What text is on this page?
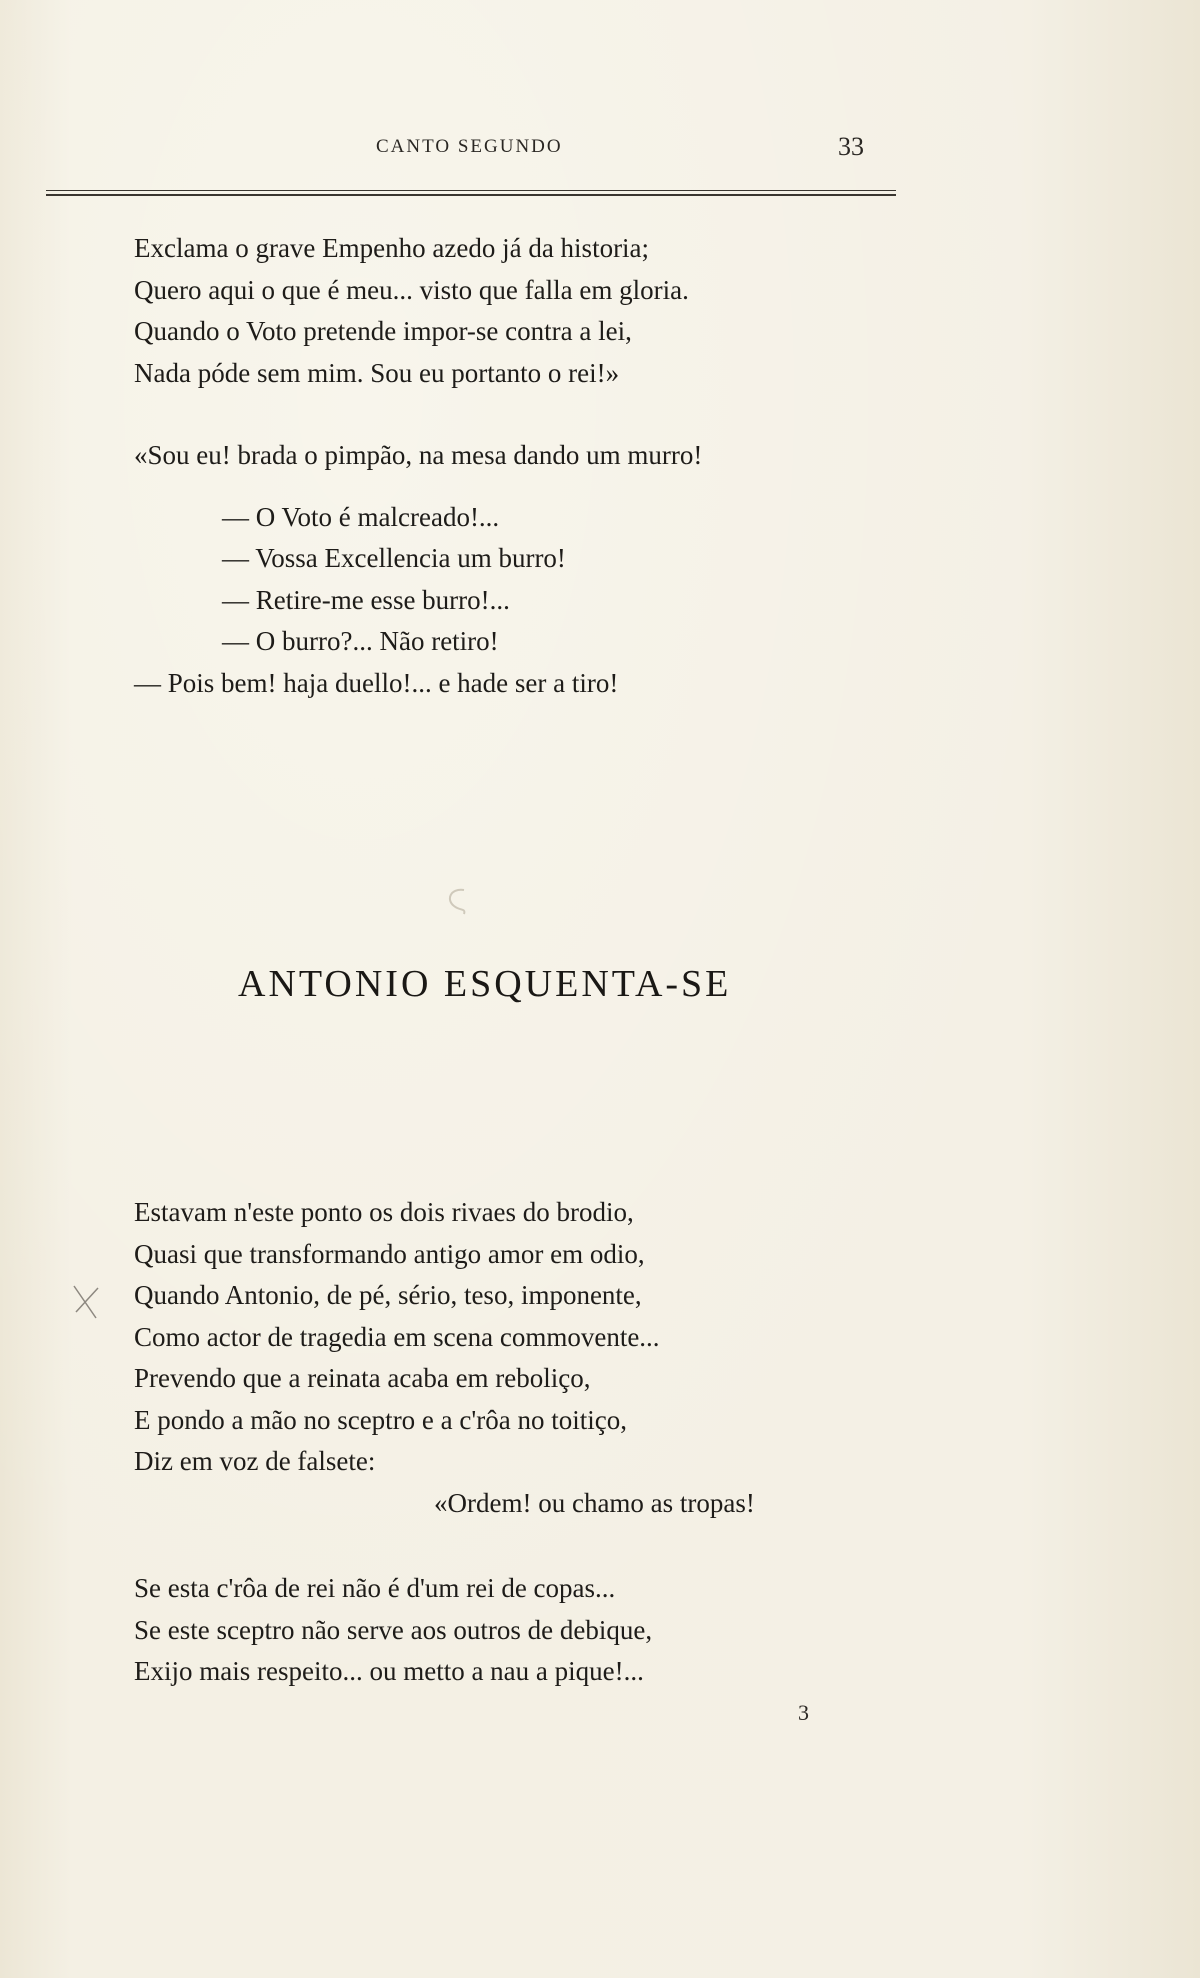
CANTO SEGUNDO	33
Exclama o grave Empenho azedo já da historia;
Quero aqui o que é meu... visto que falla em gloria.
Quando o Voto pretende impor-se contra a lei,
Nada póde sem mim. Sou eu portanto o rei!»
«Sou eu! brada o pimpão, na mesa dando um murro!
— O Voto é malcreado!...
— Vossa Excellencia um burro!
— Retire-me esse burro!...
— O burro?... Não retiro!
— Pois bem! haja duello!... e hade ser a tiro!
ANTONIO ESQUENTA-SE
Estavam n'este ponto os dois rivaes do brodio,
Quasi que transformando antigo amor em odio,
Quando Antonio, de pé, sério, teso, imponente,
Como actor de tragedia em scena commovente...
Prevendo que a reinata acaba em reboliço,
E pondo a mão no sceptro e a c'rôa no toitiço,
Diz em voz de falsete:
«Ordem! ou chamo as tropas!
Se esta c'rôa de rei não é d'um rei de copas...
Se este sceptro não serve aos outros de debique,
Exijo mais respeito... ou metto a nau a pique!...
3
